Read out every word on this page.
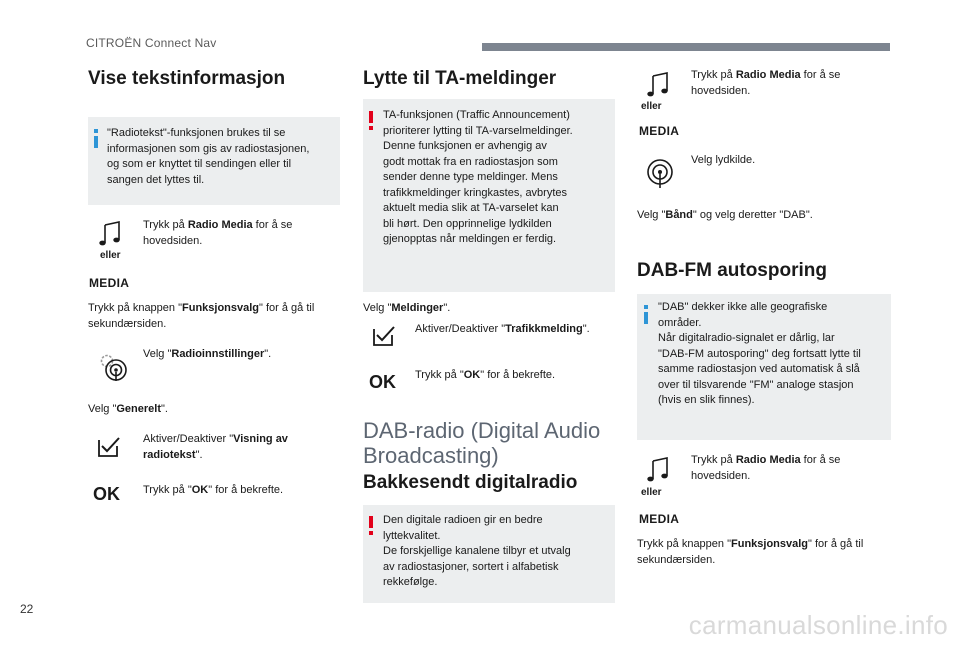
CITROËN Connect Nav
Vise tekstinformasjon
"Radiotekst"-funksjonen brukes til se
informasjonen som gis av radiostasjonen,
og som er knyttet til sendingen eller til
sangen det lyttes til.
eller
MEDIA
Trykk på Radio Media for å se
hovedsiden.
Trykk på knappen "Funksjonsvalg" for å gå til
sekundærsiden.
Velg "Radioinnstillinger".
Velg "Generelt".
Aktiver/Deaktiver "Visning av
radiotekst".
OK Trykk på "OK" for å bekrefte.
Lytte til TA-meldinger
TA-funksjonen (Traffic Announcement)
prioriterer lytting til TA-varselmeldinger.
Denne funksjonen er avhengig av
godt mottak fra en radiostasjon som
sender denne type meldinger. Mens
trafikkmeldinger kringkastes, avbrytes
aktuelt media slik at TA-varselet kan
bli hørt. Den opprinnelige lydkilden
gjenopptas når meldingen er ferdig.
Velg "Meldinger".
Aktiver/Deaktiver "Trafikkmelding".
OK Trykk på "OK" for å bekrefte.
DAB-radio (Digital Audio
Broadcasting)
Bakkesendt digitalradio
Den digitale radioen gir en bedre
lyttekvalitet.
De forskjellige kanalene tilbyr et utvalg
av radiostasjoner, sortert i alfabetisk
rekkefølge.
eller
MEDIA
Trykk på Radio Media for å se
hovedsiden.
Velg lydkilde.
Velg "Bånd" og velg deretter "DAB".
DAB-FM autosporing
"DAB" dekker ikke alle geografiske
områder.
Når digitalradio-signalet er dårlig, lar
"DAB-FM autosporing" deg fortsatt lytte til
samme radiostasjon ved automatisk å slå
over til tilsvarende "FM" analoge stasjon
(hvis en slik finnes).
eller
MEDIA
Trykk på Radio Media for å se
hovedsiden.
Trykk på knappen "Funksjonsvalg" for å gå til
sekundærsiden.
22
carmanualsonline.info
